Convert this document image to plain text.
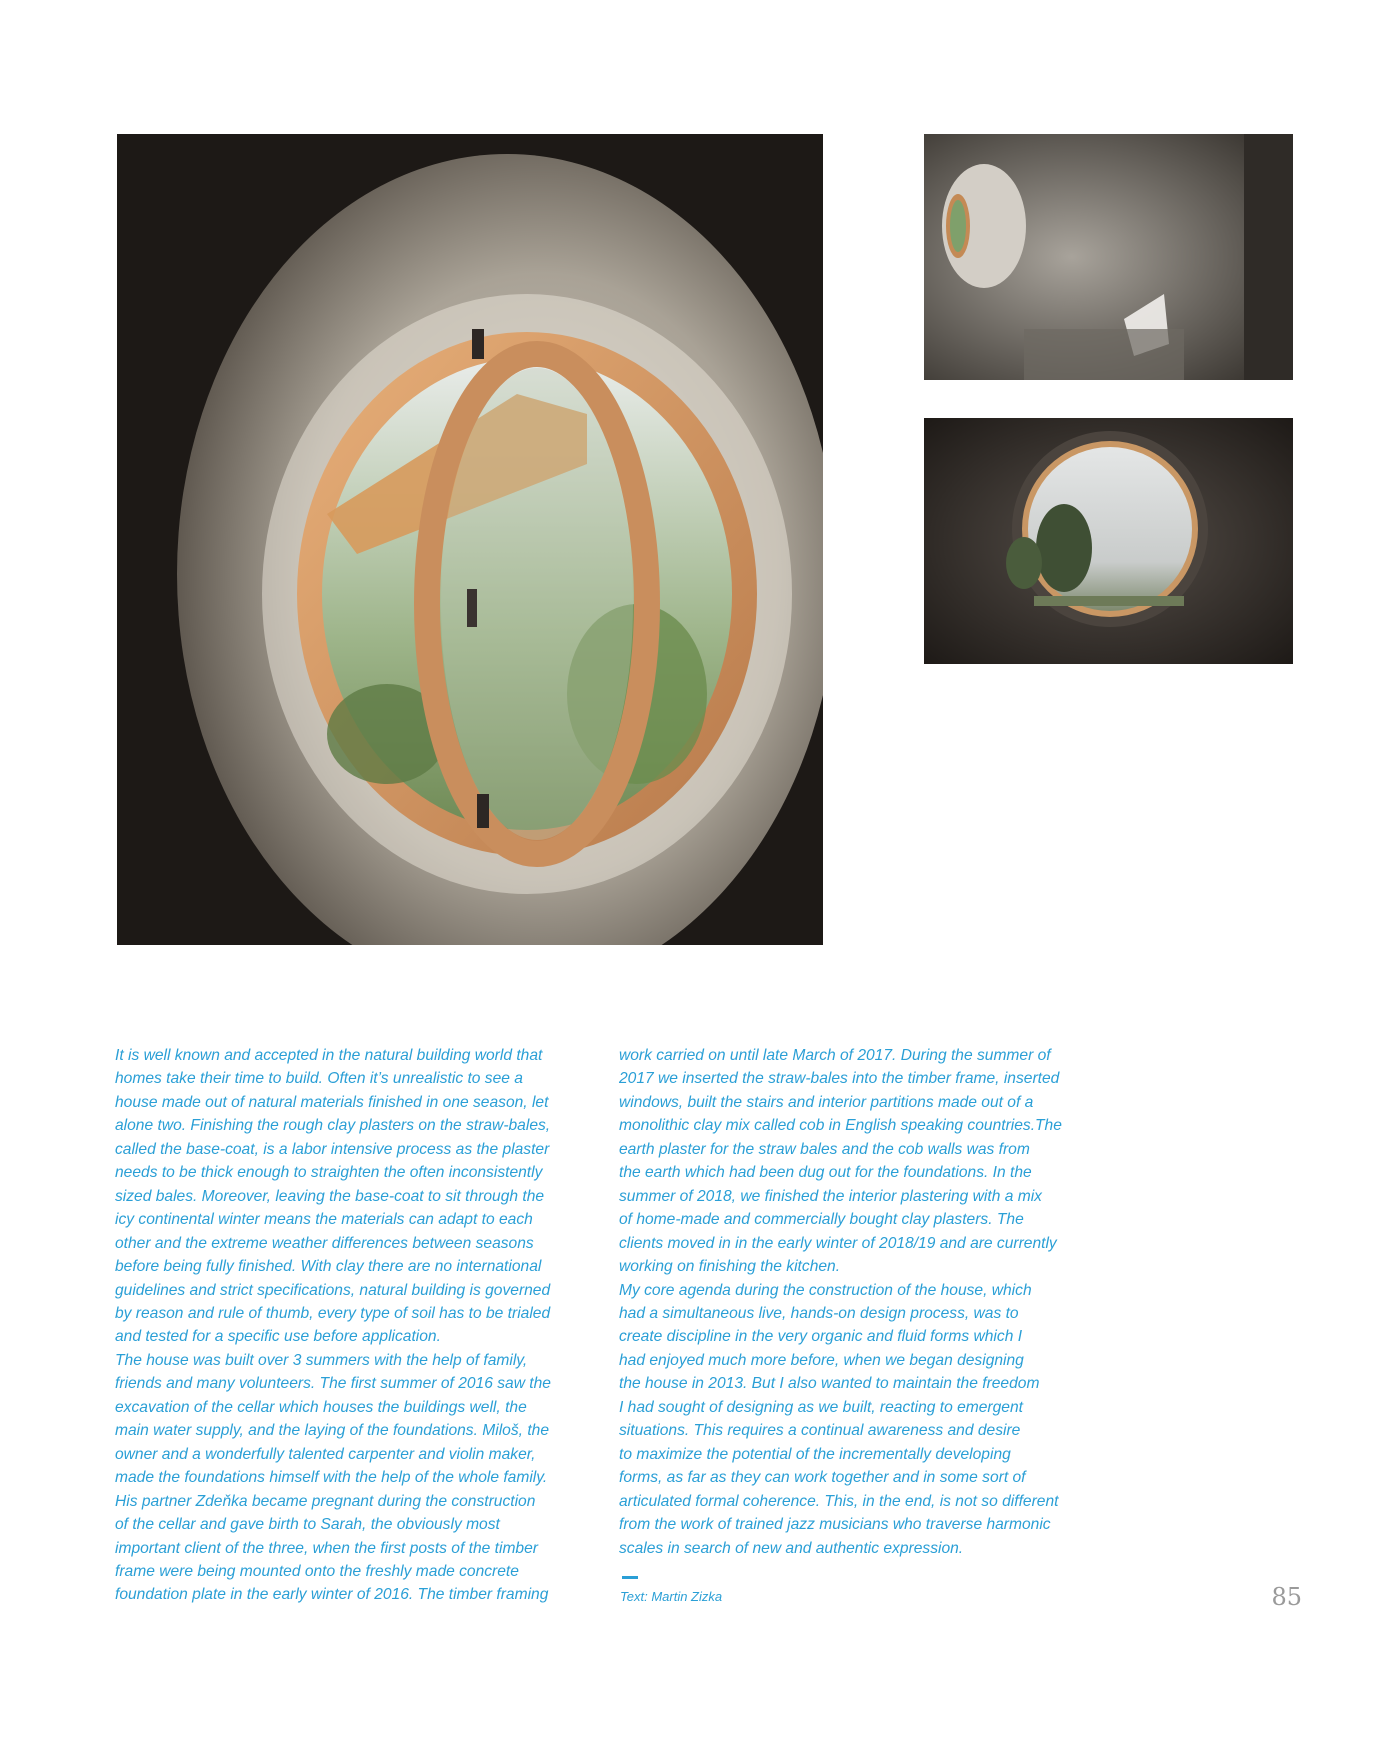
It is well known and accepted in the natural building world that

homes take their time to build. Often it’s unrealistic to see a

house made out of natural materials finished in one season, let

alone two. Finishing the rough clay plasters on the straw-bales,

called the base-coat, is a labor intensive process as the plaster

needs to be thick enough to straighten the often inconsistently

sized bales. Moreover, leaving the base-coat to sit through the

icy continental winter means the materials can adapt to each

other and the extreme weather differences between seasons

before being fully finished. With clay there are no international

guidelines and strict specifications, natural building is governed

by reason and rule of thumb, every type of soil has to be trialed

and tested for a specific use before application.

The house was built over 3 summers with the help of family,

friends and many volunteers. The first summer of 2016 saw the

excavation of the cellar which houses the buildings well, the

main water supply, and the laying of the foundations. Miloš, the

owner and a wonderfully talented carpenter and violin maker,

made the foundations himself with the help of the whole family.

His partner Zdeňka became pregnant during the construction

of the cellar and gave birth to Sarah, the obviously most

important client of the three, when the first posts of the timber

frame were being mounted onto the freshly made concrete

foundation plate in the early winter of 2016. The timber framing

work carried on until late March of 2017. During the summer of

2017 we inserted the straw-bales into the timber frame, inserted

windows, built the stairs and interior partitions made out of a

monolithic clay mix called cob in English speaking countries.The

earth plaster for the straw bales and the cob walls was from

the earth which had been dug out for the foundations. In the

summer of 2018, we finished the interior plastering with a mix

of home-made and commercially bought clay plasters. The

clients moved in in the early winter of 2018/19 and are currently

working on finishing the kitchen.

My core agenda during the construction of the house, which

had a simultaneous live, hands-on design process, was to

create discipline in the very organic and fluid forms which I

had enjoyed much more before, when we began designing

the house in 2013. But I also wanted to maintain the freedom

I had sought of designing as we built, reacting to emergent

situations. This requires a continual awareness and desire

to maximize the potential of the incrementally developing

forms, as far as they can work together and in some sort of

articulated formal coherence. This, in the end, is not so different

from the work of trained jazz musicians who traverse harmonic

scales in search of new and authentic expression.

Text: Martin Zizka	85
